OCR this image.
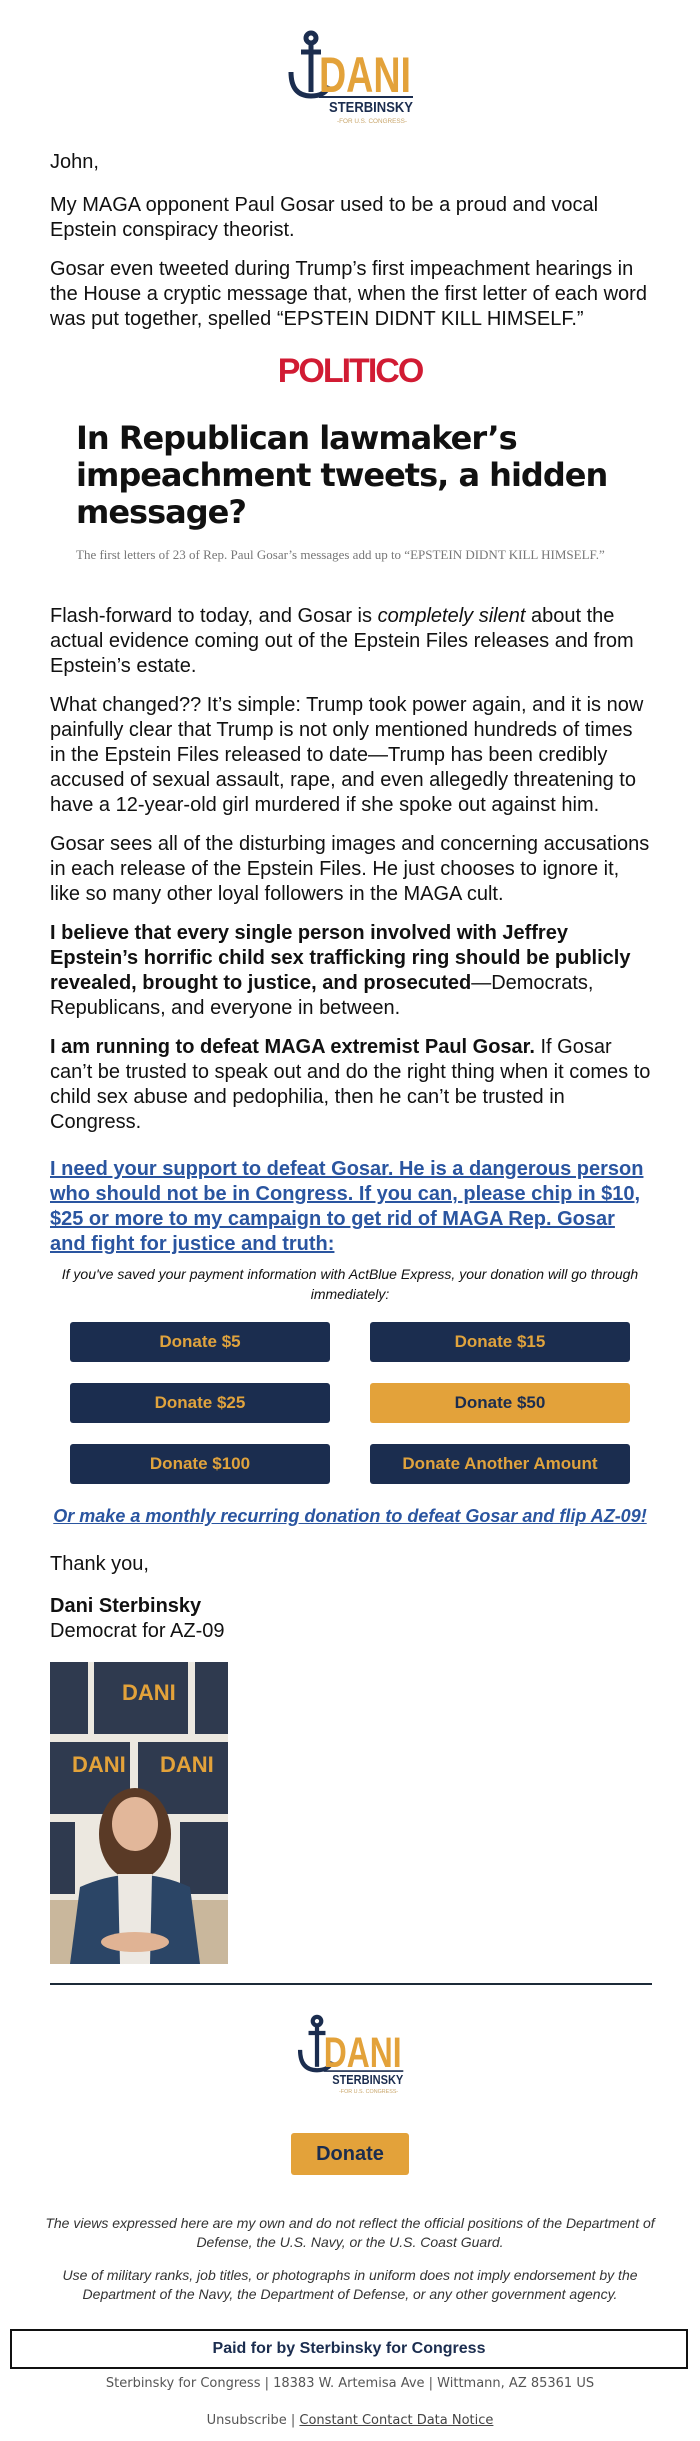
DANI
STERBINSKY
-FOR U.S. CONGRESS-

John,

My MAGA opponent Paul Gosar used to be a proud and vocal Epstein conspiracy theorist.

Gosar even tweeted during Trump’s first impeachment hearings in the House a cryptic message that, when the first letter of each word was put together, spelled “EPSTEIN DIDNT KILL HIMSELF.”

POLITICO
In Republican lawmaker’s impeachment tweets, a hidden message?
The first letters of 23 of Rep. Paul Gosar’s messages add up to “EPSTEIN DIDNT KILL HIMSELF.”

Flash-forward to today, and Gosar is completely silent about the actual evidence coming out of the Epstein Files releases and from Epstein’s estate.

What changed?? It’s simple: Trump took power again, and it is now painfully clear that Trump is not only mentioned hundreds of times in the Epstein Files released to date—Trump has been credibly accused of sexual assault, rape, and even allegedly threatening to have a 12-year-old girl murdered if she spoke out against him.

Gosar sees all of the disturbing images and concerning accusations in each release of the Epstein Files. He just chooses to ignore it, like so many other loyal followers in the MAGA cult.

I believe that every single person involved with Jeffrey Epstein’s horrific child sex trafficking ring should be publicly revealed, brought to justice, and prosecuted—Democrats, Republicans, and everyone in between.

I am running to defeat MAGA extremist Paul Gosar. If Gosar can’t be trusted to speak out and do the right thing when it comes to child sex abuse and pedophilia, then he can’t be trusted in Congress.

I need your support to defeat Gosar. He is a dangerous person who should not be in Congress. If you can, please chip in $10, $25 or more to my campaign to get rid of MAGA Rep. Gosar and fight for justice and truth:

If you've saved your payment information with ActBlue Express, your donation will go through immediately:
Donate $5	Donate $15
Donate $25	Donate $50
Donate $100	Donate Another Amount
Or make a monthly recurring donation to defeat Gosar and flip AZ-09!
Thank you,
Dani Sterbinsky
Democrat for AZ-09
DANI
DANI DANI
DANI
STERBINSKY
-FOR U.S. CONGRESS-
Donate
The views expressed here are my own and do not reflect the official positions of the Department of Defense, the U.S. Navy, or the U.S. Coast Guard.
Use of military ranks, job titles, or photographs in uniform does not imply endorsement by the Department of the Navy, the Department of Defense, or any other government agency.
Paid for by Sterbinsky for Congress
Sterbinsky for Congress | 18383 W. Artemisa Ave | Wittmann, AZ 85361 US
Unsubscribe | Constant Contact Data Notice
